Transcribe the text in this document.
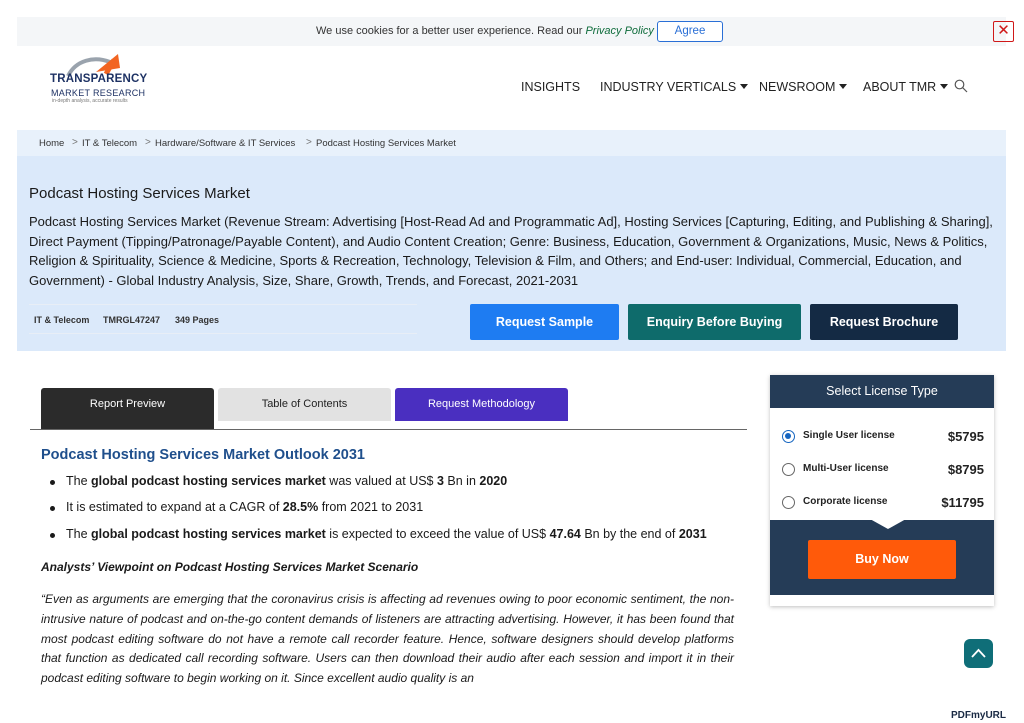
We use cookies for a better user experience. Read our Privacy Policy	Agree	✕
TRANSPARENCY
MARKET RESEARCH
in-depth analysis, accurate results
INSIGHTS INDUSTRY VERTICALS	NEWSROOM	ABOUT TMR
Home > IT & Telecom > Hardware/Software & IT Services > Podcast Hosting Services Market
Podcast Hosting Services Market
Podcast Hosting Services Market (Revenue Stream: Advertising [Host-Read Ad and Programmatic Ad], Hosting Services [Capturing, Editing, and Publishing & Sharing], Direct Payment (Tipping/Patronage/Payable Content), and Audio Content Creation; Genre: Business, Education, Government & Organizations, Music, News & Politics, Religion & Spirituality, Science & Medicine, Sports & Recreation, Technology, Television & Film, and Others; and End-user: Individual, Commercial, Education, and Government) - Global Industry Analysis, Size, Share, Growth, Trends, and Forecast, 2021-2031
IT & Telecom TMRGL47247 349 Pages	Request Sample	Enquiry Before Buying	Request Brochure
Report Preview	Table of Contents	Request Methodology
Podcast Hosting Services Market Outlook 2031
The global podcast hosting services market was valued at US$ 3 Bn in 2020
It is estimated to expand at a CAGR of 28.5% from 2021 to 2031
The global podcast hosting services market is expected to exceed the value of US$ 47.64 Bn by the end of 2031
Analysts’ Viewpoint on Podcast Hosting Services Market Scenario
“Even as arguments are emerging that the coronavirus crisis is affecting ad revenues owing to poor economic sentiment, the non-intrusive nature of podcast and on-the-go content demands of listeners are attracting advertising. However, it has been found that most podcast editing software do not have a remote call recorder feature. Hence, software designers should develop platforms that function as dedicated call recording software. Users can then download their audio after each session and import it in their podcast editing software to begin working on it. Since excellent audio quality is an
Select License Type
Single User license	$5795
Multi-User license	$8795
Corporate license	$11795
Buy Now
PDFmyURL
